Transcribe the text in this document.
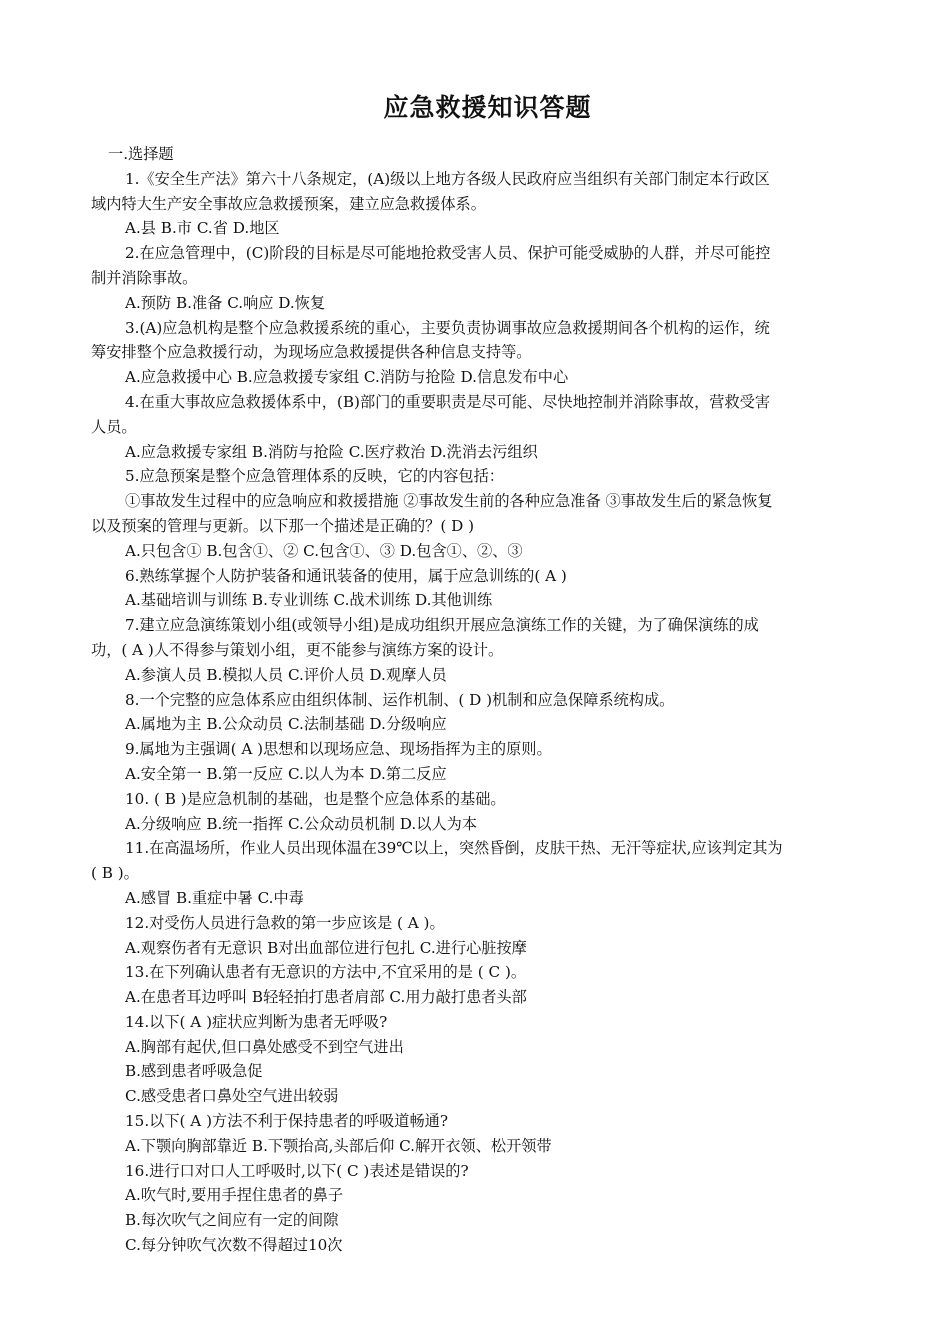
应急救援知识答题
一.选择题
1.《安全生产法》第六十八条规定，(A)级以上地方各级人民政府应当组织有关部门制定本行政区
域内特大生产安全事故应急救援预案，建立应急救援体系。
A.县 B.市 C.省 D.地区
2.在应急管理中，(C)阶段的目标是尽可能地抢救受害人员、保护可能受威胁的人群，并尽可能控
制并消除事故。
A.预防 B.准备 C.响应 D.恢复
3.(A)应急机构是整个应急救援系统的重心，主要负责协调事故应急救援期间各个机构的运作，统
筹安排整个应急救援行动，为现场应急救援提供各种信息支持等。
A.应急救援中心 B.应急救援专家组 C.消防与抢险 D.信息发布中心
4.在重大事故应急救援体系中，(B)部门的重要职责是尽可能、尽快地控制并消除事故，营救受害
人员。
A.应急救援专家组 B.消防与抢险 C.医疗救治 D.洗消去污组织
5.应急预案是整个应急管理体系的反映，它的内容包括：
①事故发生过程中的应急响应和救援措施 ②事故发生前的各种应急准备 ③事故发生后的紧急恢复
以及预案的管理与更新。以下那一个描述是正确的？( D )
A.只包含① B.包含①、② C.包含①、③ D.包含①、②、③
6.熟练掌握个人防护装备和通讯装备的使用，属于应急训练的( A )
A.基础培训与训练 B.专业训练 C.战术训练 D.其他训练
7.建立应急演练策划小组(或领导小组)是成功组织开展应急演练工作的关键，为了确保演练的成
功，( A )人不得参与策划小组，更不能参与演练方案的设计。
A.参演人员 B.模拟人员 C.评价人员 D.观摩人员
8.一个完整的应急体系应由组织体制、运作机制、( D )机制和应急保障系统构成。
A.属地为主 B.公众动员 C.法制基础 D.分级响应
9.属地为主强调( A )思想和以现场应急、现场指挥为主的原则。
A.安全第一 B.第一反应 C.以人为本 D.第二反应
10. ( B )是应急机制的基础，也是整个应急体系的基础。
A.分级响应 B.统一指挥 C.公众动员机制 D.以人为本
11.在高温场所，作业人员出现体温在39℃以上，突然昏倒，皮肤干热、无汗等症状,应该判定其为
( B )。
A.感冒 B.重症中暑 C.中毒
12.对受伤人员进行急救的第一步应该是 ( A )。
A.观察伤者有无意识 B对出血部位进行包扎 C.进行心脏按摩
13.在下列确认患者有无意识的方法中,不宜采用的是 ( C )。
A.在患者耳边呼叫 B轻轻拍打患者肩部 C.用力敲打患者头部
14.以下( A )症状应判断为患者无呼吸?
A.胸部有起伏,但口鼻处感受不到空气进出
B.感到患者呼吸急促
C.感受患者口鼻处空气进出较弱
15.以下( A )方法不利于保持患者的呼吸道畅通?
A.下颚向胸部靠近 B.下颚抬高,头部后仰 C.解开衣领、松开领带
16.进行口对口人工呼吸时,以下( C )表述是错误的?
A.吹气时,要用手捏住患者的鼻子
B.每次吹气之间应有一定的间隙
C.每分钟吹气次数不得超过10次
